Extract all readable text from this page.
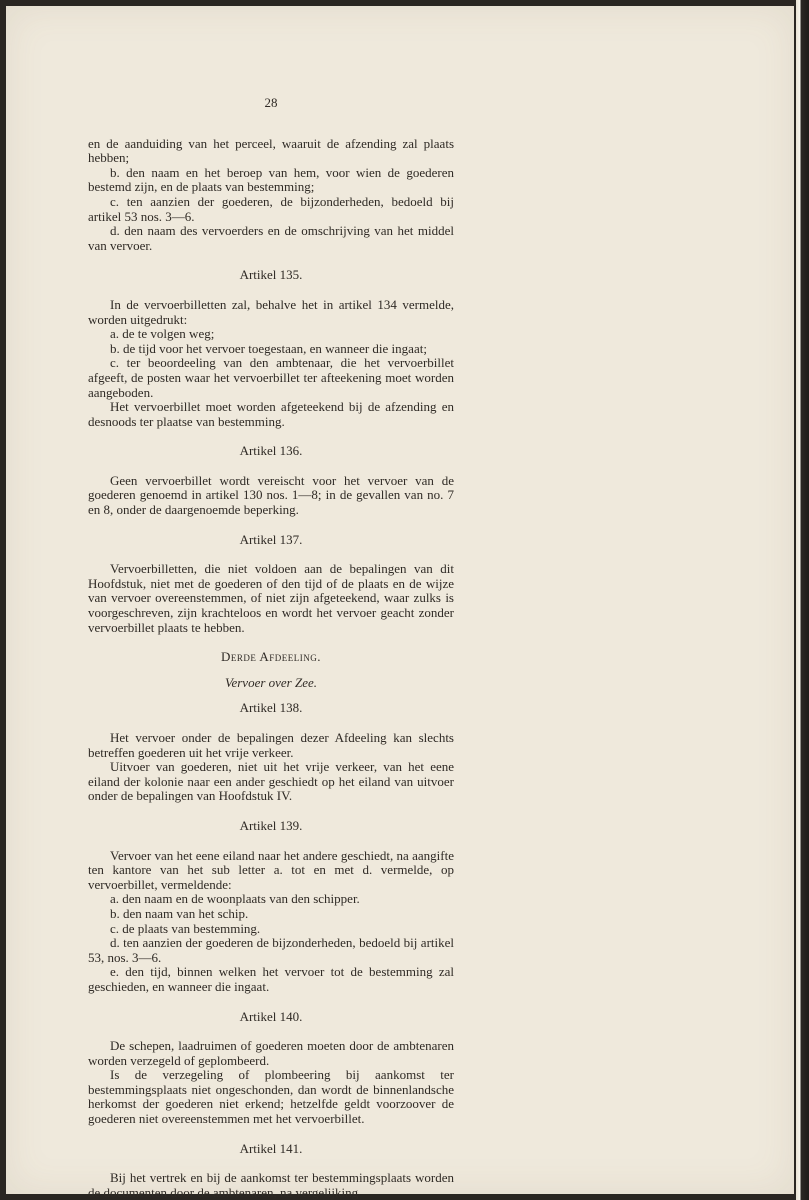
28

en de aanduiding van het perceel, waaruit de afzending zal plaats hebben;

b. den naam en het beroep van hem, voor wien de goederen bestemd zijn, en de plaats van bestemming;

c. ten aanzien der goederen, de bijzonderheden, bedoeld bij artikel 53 nos. 3—6.

d. den naam des vervoerders en de omschrijving van het middel van vervoer.

Artikel 135.

In de vervoerbilletten zal, behalve het in artikel 134 vermelde, worden uitgedrukt:

a. de te volgen weg;

b. de tijd voor het vervoer toegestaan, en wanneer die ingaat;

c. ter beoordeeling van den ambtenaar, die het vervoerbillet afgeeft, de posten waar het vervoerbillet ter afteekening moet worden aangeboden.

Het vervoerbillet moet worden afgeteekend bij de afzending en desnoods ter plaatse van bestemming.

Artikel 136.

Geen vervoerbillet wordt vereischt voor het vervoer van de goederen genoemd in artikel 130 nos. 1—8; in de gevallen van no. 7 en 8, onder de daargenoemde beperking.

Artikel 137.

Vervoerbilletten, die niet voldoen aan de bepalingen van dit Hoofdstuk, niet met de goederen of den tijd of de plaats en de wijze van vervoer overeenstemmen, of niet zijn afgeteekend, waar zulks is voorgeschreven, zijn krachteloos en wordt het vervoer geacht zonder vervoerbillet plaats te hebben.

Derde Afdeeling.
Vervoer over Zee.
Artikel 138.

Het vervoer onder de bepalingen dezer Afdeeling kan slechts betreffen goederen uit het vrije verkeer.

Uitvoer van goederen, niet uit het vrije verkeer, van het eene eiland der kolonie naar een ander geschiedt op het eiland van uitvoer onder de bepalingen van Hoofdstuk IV.

Artikel 139.

Vervoer van het eene eiland naar het andere geschiedt, na aangifte ten kantore van het sub letter a. tot en met d. vermelde, op vervoerbillet, vermeldende:

a. den naam en de woonplaats van den schipper.

b. den naam van het schip.

c. de plaats van bestemming.

d. ten aanzien der goederen de bijzonderheden, bedoeld bij artikel 53, nos. 3—6.

e. den tijd, binnen welken het vervoer tot de bestemming zal geschieden, en wanneer die ingaat.

Artikel 140.

De schepen, laadruimen of goederen moeten door de ambtenaren worden verzegeld of geplombeerd.

Is de verzegeling of plombeering bij aankomst ter bestemmingsplaats niet ongeschonden, dan wordt de binnenlandsche herkomst der goederen niet erkend; hetzelfde geldt voorzoover de goederen niet overeenstemmen met het vervoerbillet.

Artikel 141.

Bij het vertrek en bij de aankomst ter bestemmingsplaats worden de documenten door de ambtenaren, na vergelijking
